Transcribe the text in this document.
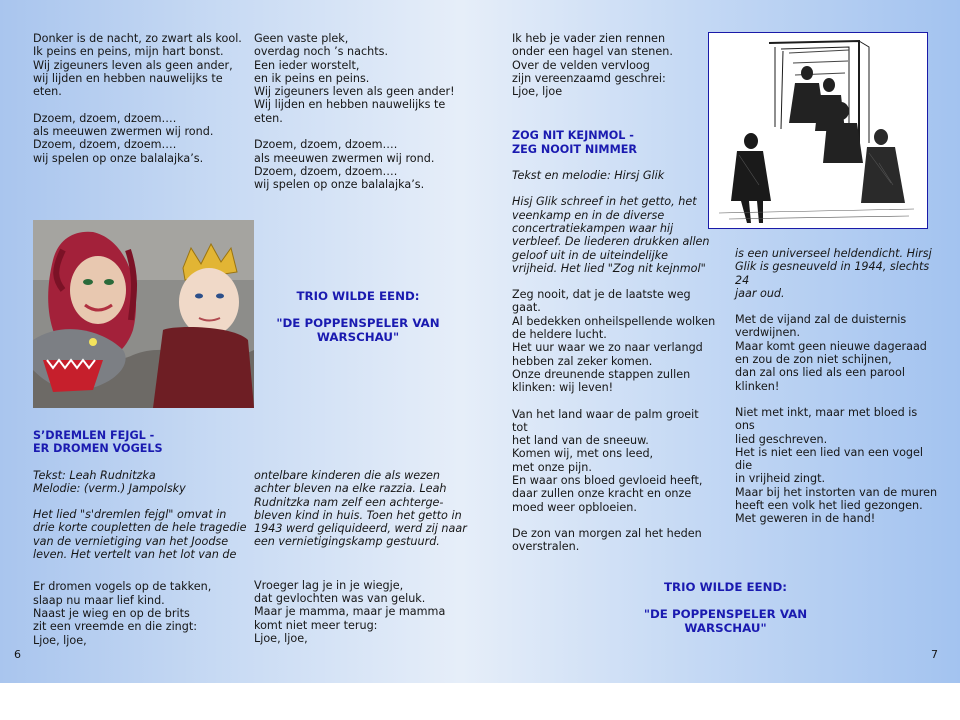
Donker is de nacht, zo zwart als kool.
Ik peins en peins, mijn hart bonst.
Wij zigeuners leven als geen ander,
wij lijden en hebben nauwelijks te
eten.

Dzoem, dzoem, dzoem….
als meeuwen zwermen wij rond.
Dzoem, dzoem, dzoem….
wij spelen op onze balalajka’s.

Geen vaste plek,
overdag noch ’s nachts.
Een ieder worstelt,
en ik peins en peins.
Wij zigeuners leven als geen ander!
Wij lijden en hebben nauwelijks te
eten.

Dzoem, dzoem, dzoem….
als meeuwen zwermen wij rond.
Dzoem, dzoem, dzoem….
wij spelen op onze balalajka’s.

TRIO WILDE EEND:
"DE POPPENSPELER VAN
WARSCHAU"

S’DREMLEN FEJGL -
ER DROMEN VOGELS

Tekst: Leah Rudnitzka
Melodie: (verm.) Jampolsky

Het lied "s'dremlen fejgl" omvat in
drie korte coupletten de hele tragedie
van de vernietiging van het Joodse
leven. Het vertelt van het lot van de

Er dromen vogels op de takken,
slaap nu maar lief kind.
Naast je wieg en op de brits
zit een vreemde en die zingt:
Ljoe, ljoe,

ontelbare kinderen die als wezen
achter bleven na elke razzia. Leah
Rudnitzka nam zelf een achterge-
bleven kind in huis. Toen het getto in
1943 werd geliquideerd, werd zij naar
een vernietigingskamp gestuurd.

Vroeger lag je in je wiegje,
dat gevlochten was van geluk.
Maar je mamma, maar je mamma
komt niet meer terug:
Ljoe, ljoe,

6

Ik heb je vader zien rennen
onder een hagel van stenen.
Over de velden vervloog
zijn vereenzaamd geschrei:
Ljoe, ljoe

ZOG NIT KEJNMOL -
ZEG NOOIT NIMMER

Tekst en melodie: Hirsj Glik

Hisj Glik schreef in het getto, het
veenkamp en in de diverse
concertratiekampen waar hij
verbleef. De liederen drukken allen
geloof uit in de uiteindelijke
vrijheid. Het lied "Zog nit kejnmol"

Zeg nooit, dat je de laatste weg gaat.
Al bedekken onheilspellende wolken
de heldere lucht.
Het uur waar we zo naar verlangd
hebben zal zeker komen.
Onze dreunende stappen zullen
klinken: wij leven!

Van het land waar de palm groeit tot
het land van de sneeuw.
Komen wij, met ons leed,
met onze pijn.
En waar ons bloed gevloeid heeft,
daar zullen onze kracht en onze
moed weer opbloeien.

De zon van morgen zal het heden
overstralen.

is een universeel heldendicht. Hirsj
Glik is gesneuveld in 1944, slechts 24
jaar oud.

Met de vijand zal de duisternis
verdwijnen.
Maar komt geen nieuwe dageraad
en zou de zon niet schijnen,
dan zal ons lied als een parool
klinken!

Niet met inkt, maar met bloed is ons
lied geschreven.
Het is niet een lied van een vogel die
in vrijheid zingt.
Maar bij het instorten van de muren
heeft een volk het lied gezongen.
Met geweren in de hand!

TRIO WILDE EEND:
"DE POPPENSPELER VAN
WARSCHAU"
7
